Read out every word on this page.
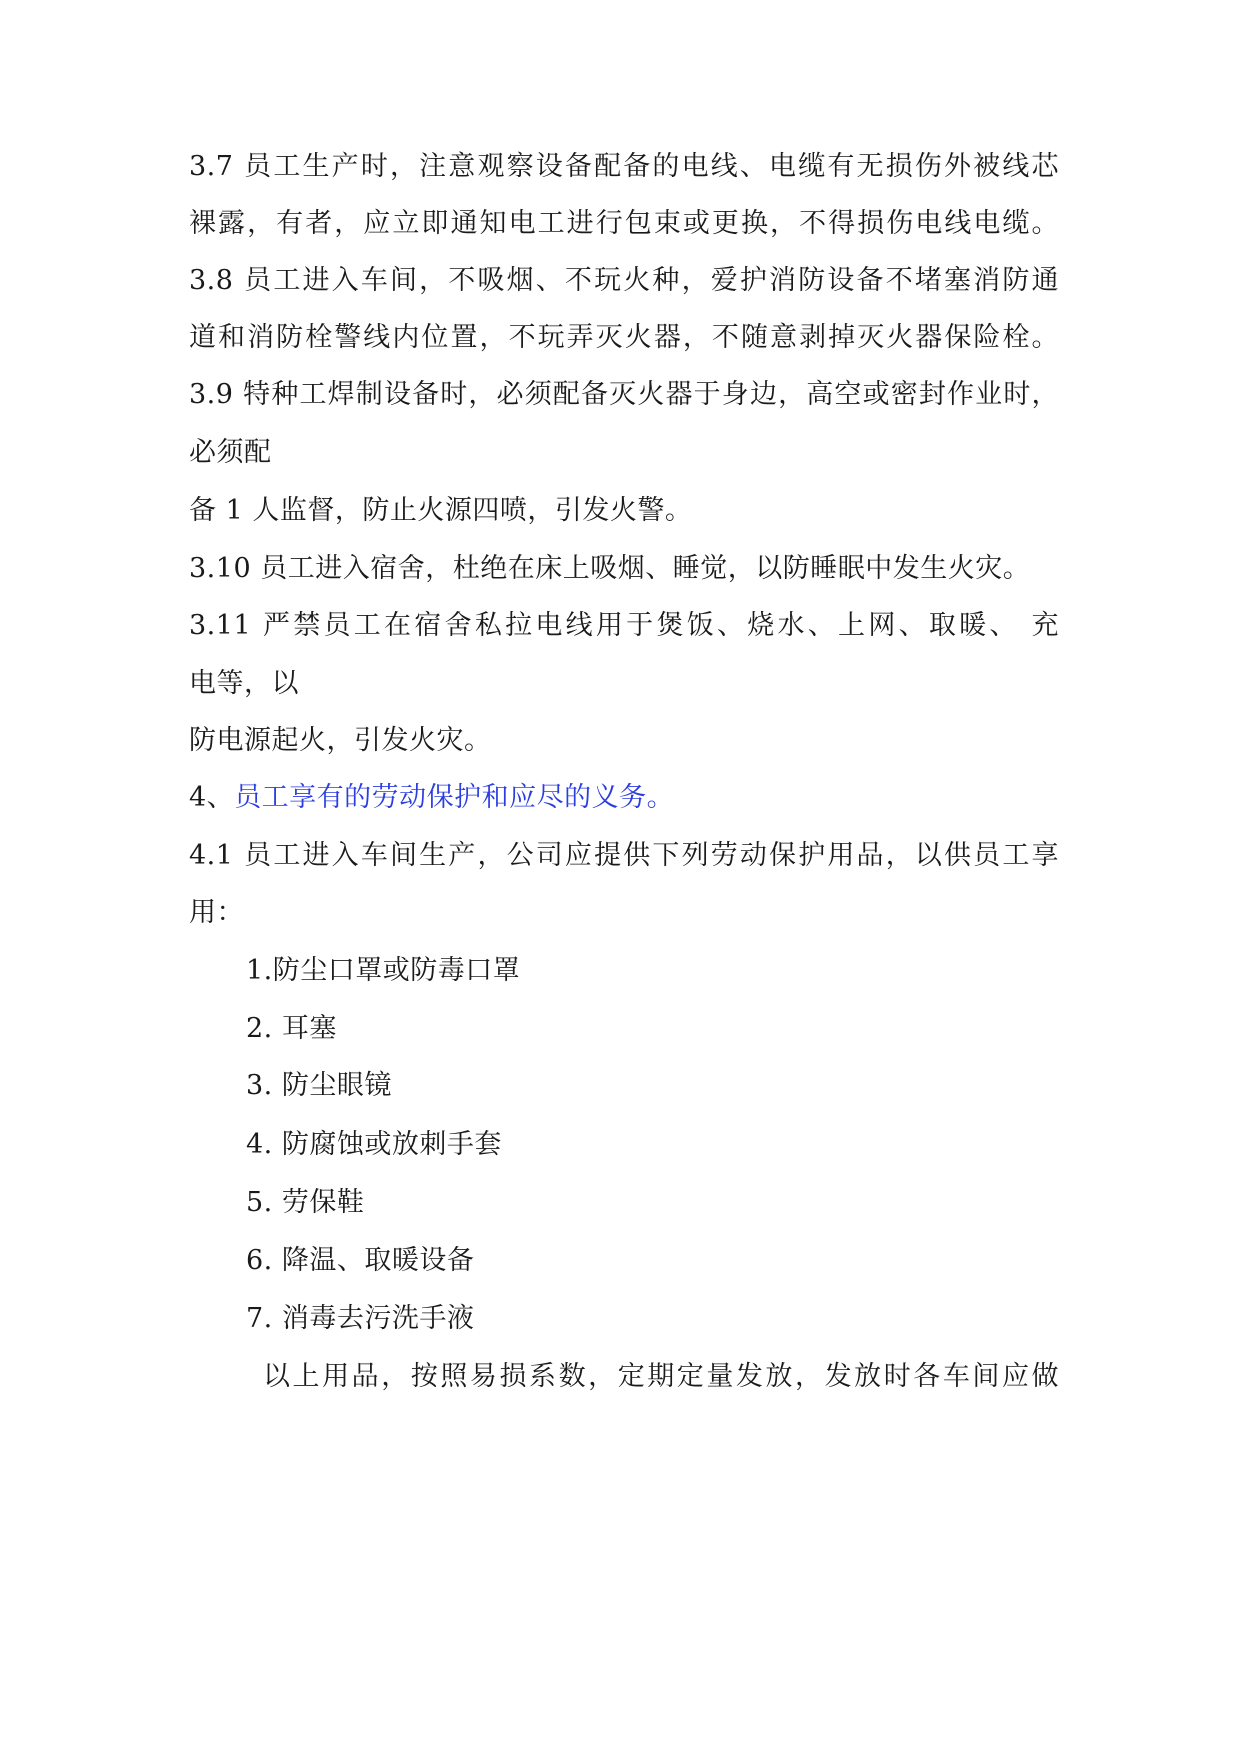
3.7 员工生产时，注意观察设备配备的电线、电缆有无损伤外被线芯
裸露，有者，应立即通知电工进行包束或更换，不得损伤电线电缆。
3.8 员工进入车间，不吸烟、不玩火种，爱护消防设备不堵塞消防通
道和消防栓警线内位置，不玩弄灭火器，不随意剥掉灭火器保险栓。
3.9 特种工焊制设备时，必须配备灭火器于身边，高空或密封作业时，
必须配
备 1 人监督，防止火源四喷，引发火警。
3.10 员工进入宿舍，杜绝在床上吸烟、睡觉，以防睡眠中发生火灾。
3.11 严禁员工在宿舍私拉电线用于煲饭、烧水、上网、取暖、 充
电等，以
防电源起火，引发火灾。
4、员工享有的劳动保护和应尽的义务。
4.1 员工进入车间生产，公司应提供下列劳动保护用品，以供员工享
用：
1.防尘口罩或防毒口罩
2. 耳塞
3. 防尘眼镜
4. 防腐蚀或放刺手套
5. 劳保鞋
6. 降温、取暖设备
7. 消毒去污洗手液
以上用品，按照易损系数，定期定量发放，发放时各车间应做
